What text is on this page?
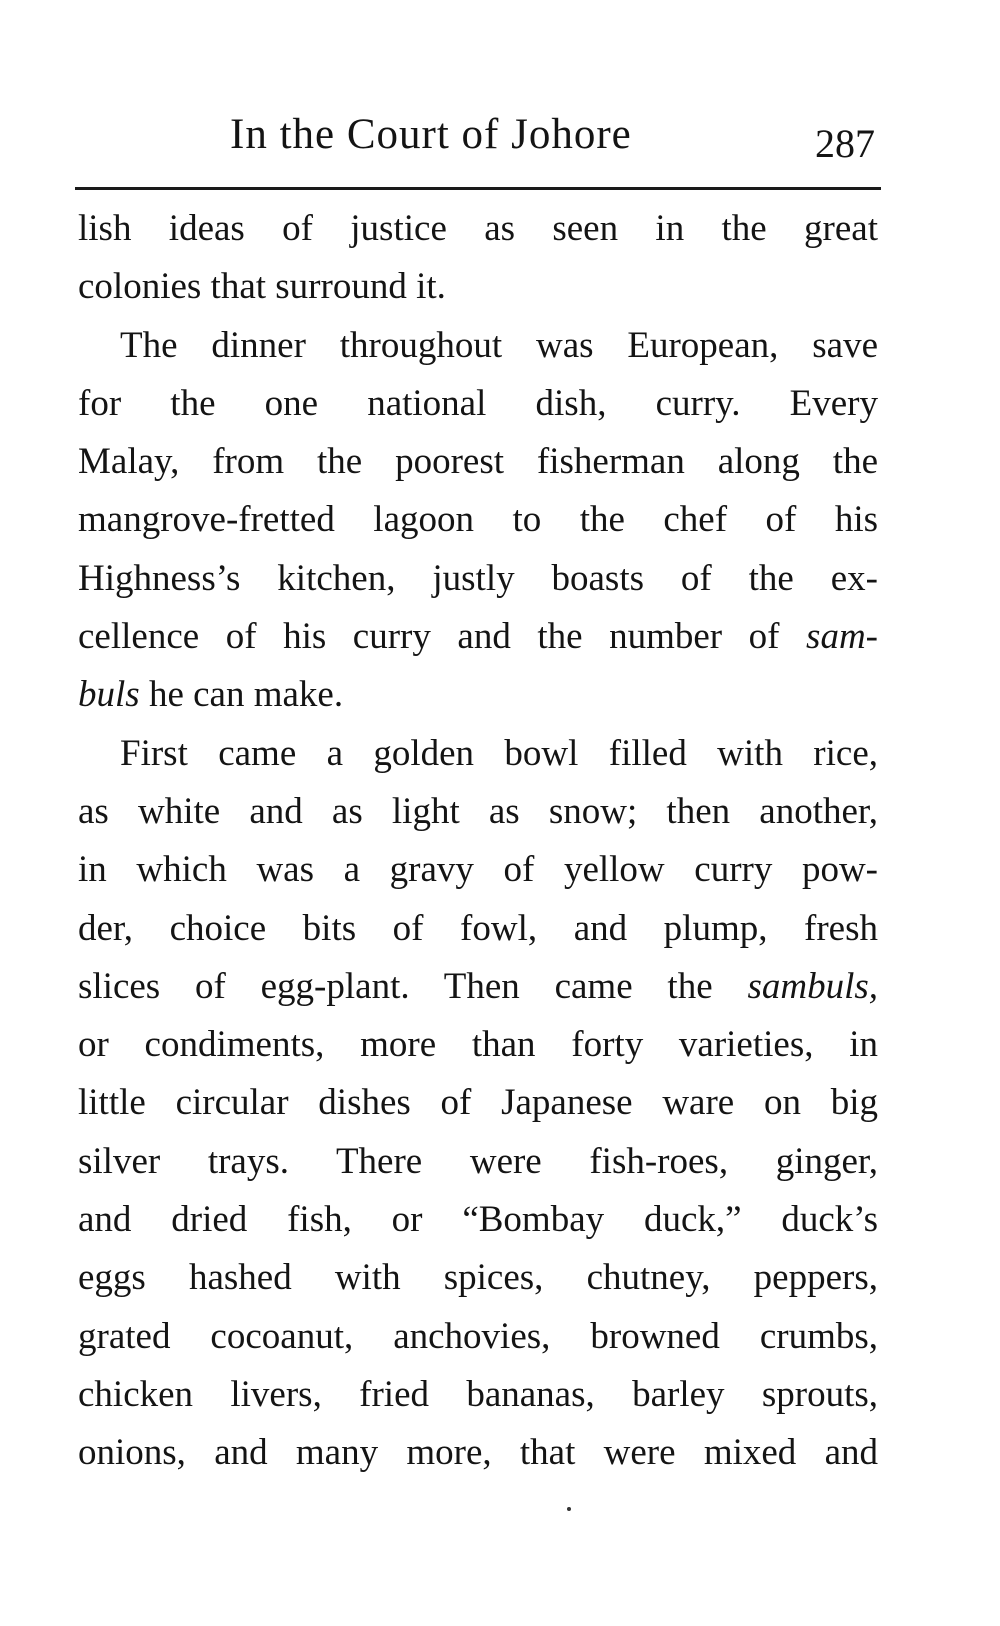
In the Court of Johore	287
lish ideas of justice as seen in the great
colonies that surround it.
The dinner throughout was European, save
for the one national dish, curry. Every
Malay, from the poorest fisherman along the
mangrove-fretted lagoon to the chef of his
Highness’s kitchen, justly boasts of the ex-
cellence of his curry and the number of sam-
buls he can make.
First came a golden bowl filled with rice,
as white and as light as snow; then another,
in which was a gravy of yellow curry pow-
der, choice bits of fowl, and plump, fresh
slices of egg-plant. Then came the sambuls,
or condiments, more than forty varieties, in
little circular dishes of Japanese ware on big
silver trays. There were fish-roes, ginger,
and dried fish, or “Bombay duck,” duck’s
eggs hashed with spices, chutney, peppers,
grated cocoanut, anchovies, browned crumbs,
chicken livers, fried bananas, barley sprouts,
onions, and many more, that were mixed and
